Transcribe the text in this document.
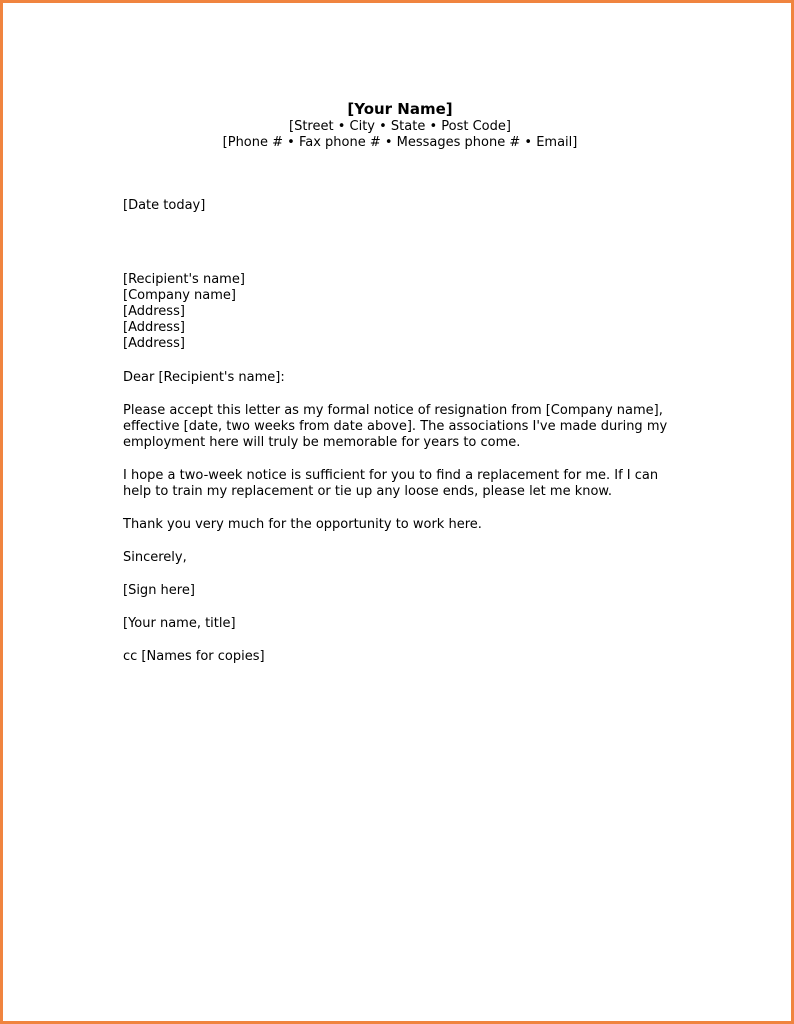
[Your Name]
[Street • City • State • Post Code]
[Phone # • Fax phone # • Messages phone # • Email]

[Date today]

[Recipient's name]

[Company name]

[Address]

[Address]

[Address]

Dear [Recipient's name]:

Please accept this letter as my formal notice of resignation from [Company name],

effective [date, two weeks from date above]. The associations I've made during my

employment here will truly be memorable for years to come.

I hope a two-week notice is sufficient for you to find a replacement for me. If I can

help to train my replacement or tie up any loose ends, please let me know.

Thank you very much for the opportunity to work here.

Sincerely,

[Sign here]

[Your name, title]

cc [Names for copies]
